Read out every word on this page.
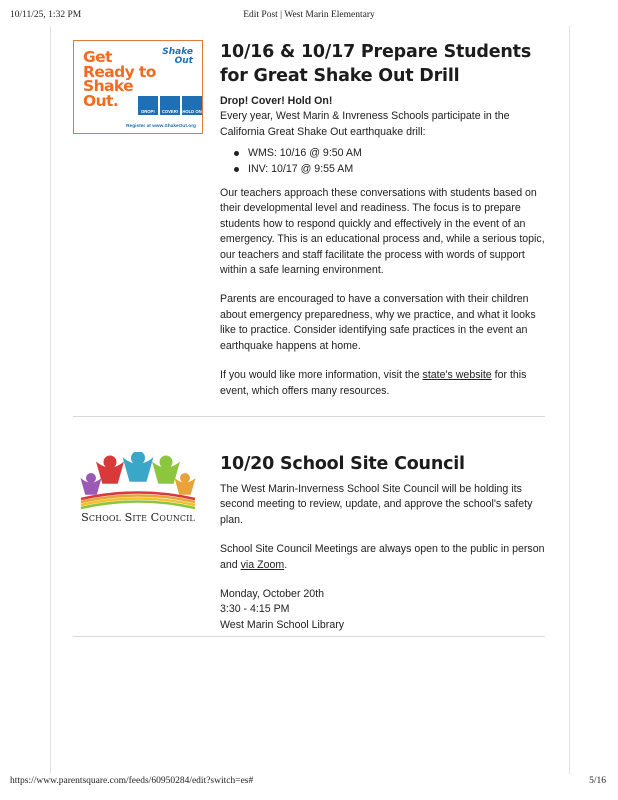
10/11/25, 1:32 PM	Edit Post | West Marin Elementary
Get
Ready to
Shake
Out.
Shake
Out
DROP!	COVER!	HOLD ON
Register at www.ShakeOut.org
10/16 & 10/17 Prepare Students for Great Shake Out Drill

Drop! Cover! Hold On!
Every year, West Marin & Invreness Schools participate in the California Great Shake Out earthquake drill:

WMS: 10/16 @ 9:50 AM
INV: 10/17 @ 9:55 AM

Our teachers approach these conversations with students based on their developmental level and readiness. The focus is to prepare students how to respond quickly and effectively in the event of an emergency. This is an educational process and, while a serious topic, our teachers and staff facilitate the process with words of support within a safe learning environment.

Parents are encouraged to have a conversation with their children about emergency preparedness, why we practice, and what it looks like to practice. Consider identifying safe practices in the event an earthquake happens at home.

If you would like more information, visit the state's website for this event, which offers many resources.

School Site Council
10/20 School Site Council

The West Marin-Inverness School Site Council will be holding its second meeting to review, update, and approve the school's safety plan.

School Site Council Meetings are always open to the public in person and via Zoom.

Monday, October 20th
3:30 - 4:15 PM
West Marin School Library

https://www.parentsquare.com/feeds/60950284/edit?switch=es#	5/16
